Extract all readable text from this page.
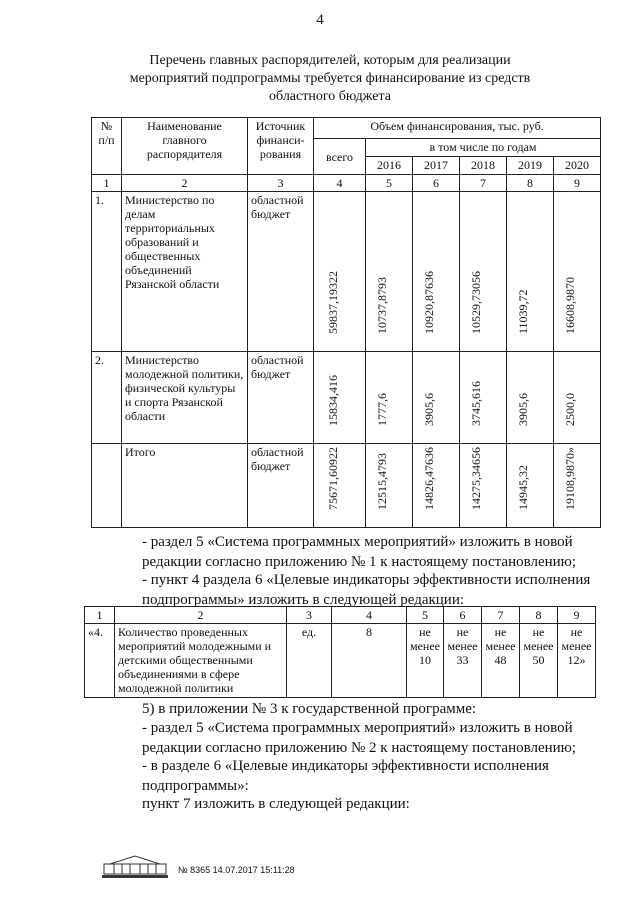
4
Перечень главных распорядителей, которым для реализации
мероприятий подпрограммы требуется финансирование из средств
областного бюджета
№ п/п	Наименование главного распорядителя	Источник финанси-рования	Объем финансирования, тыс. руб.					
			всего	в том числе по годам				
				2016	2017	2018	2019	2020
1	2	3	4	5	6	7	8	9
1.	Министерство по делам территориальных образований и общественных объединений Рязанской области	областной бюджет	59837,19322	10737,8793	10920,87636	10529,73056	11039,72	16608,9870

2.	Министерство молодежной политики, физической культуры и спорта Рязанской области	областной бюджет	15834,416	1777,6	3905,6	3745,616	3905,6	2500,0

	Итого	областной бюджет	75671,60922	12515,4793	14826,47636	14275,34656	14945,32	19108,9870»
- раздел 5 «Система программных мероприятий» изложить в новой
редакции согласно приложению № 1 к настоящему постановлению;
- пункт 4 раздела 6 «Целевые индикаторы эффективности исполнения
подпрограммы» изложить в следующей редакции:
1	2	3	4	5	6	7	8	9
«4.	Количество проведенных мероприятий молодежными и детскими общественными объединениями в сфере молодежной политики	ед.	8	не менее 10	не менее 33	не менее 48	не менее 50	не менее 12»
5) в приложении № 3 к государственной программе:
- раздел 5 «Система программных мероприятий» изложить в новой
редакции согласно приложению № 2 к настоящему постановлению;
- в разделе 6 «Целевые индикаторы эффективности исполнения
подпрограммы»:
пункт 7 изложить в следующей редакции:
№ 8365 14.07.2017 15:11:28
